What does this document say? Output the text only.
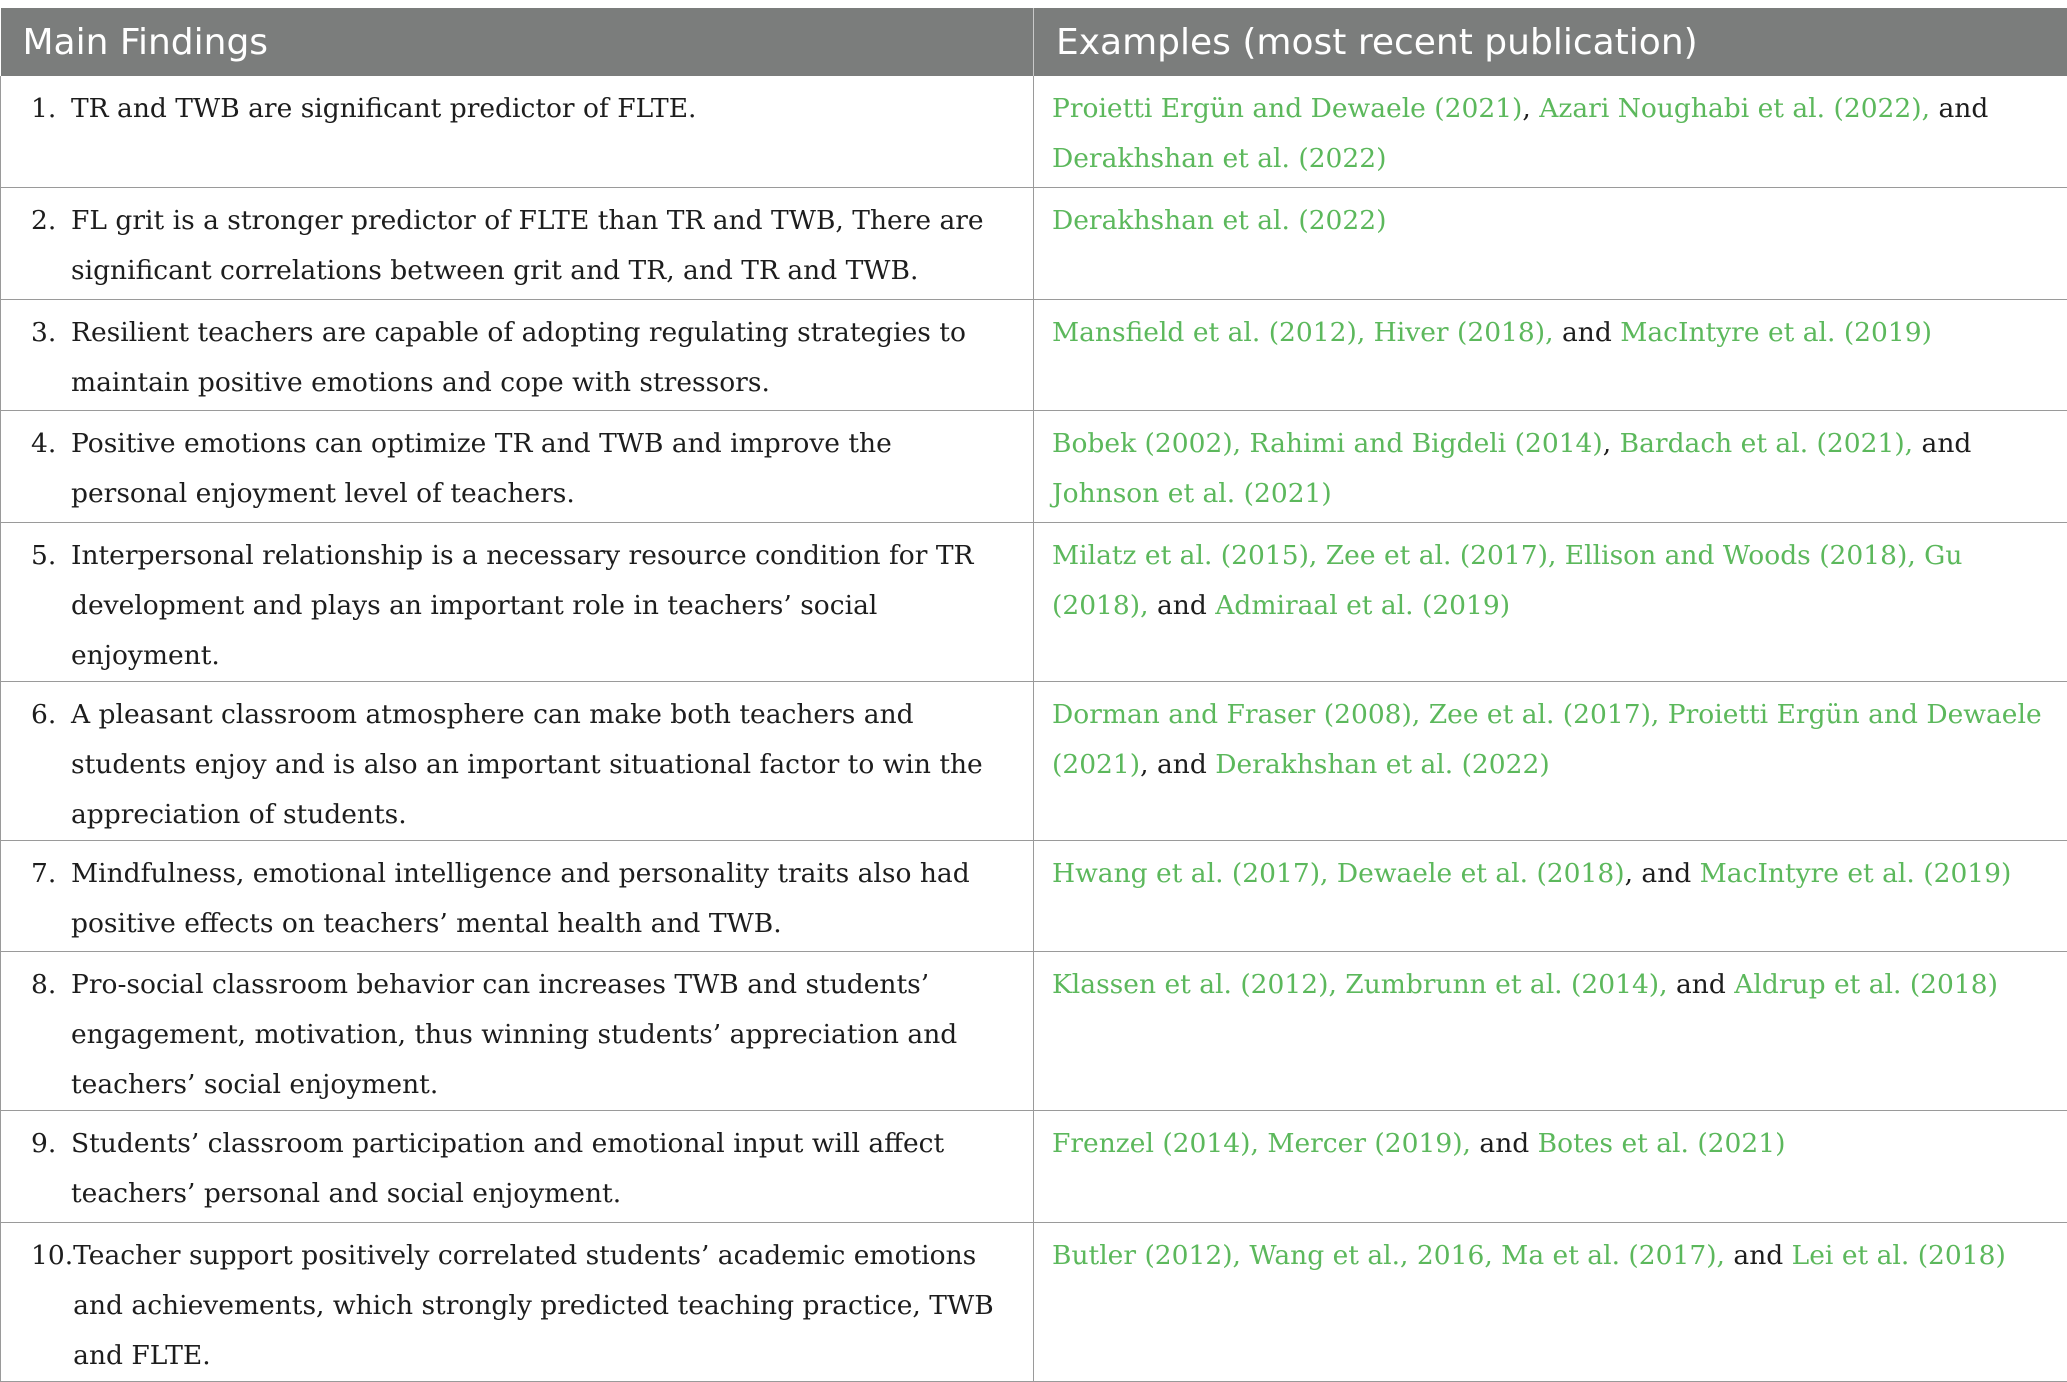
Main Findings	Examples (most recent publication)

1. TR and TWB are significant predictor of FLTE.	Proietti Ergün and Dewaele (2021), Azari Noughabi et al. (2022), and Derakhshan et al. (2022)

2. FL grit is a stronger predictor of FLTE than TR and TWB, There are significant correlations between grit and TR, and TR and TWB.	Derakhshan et al. (2022)

3. Resilient teachers are capable of adopting regulating strategies to maintain positive emotions and cope with stressors.	Mansfield et al. (2012), Hiver (2018), and MacIntyre et al. (2019)

4. Positive emotions can optimize TR and TWB and improve the personal enjoyment level of teachers.	Bobek (2002), Rahimi and Bigdeli (2014), Bardach et al. (2021), and Johnson et al. (2021)

5. Interpersonal relationship is a necessary resource condition for TR development and plays an important role in teachers’ social enjoyment.	Milatz et al. (2015), Zee et al. (2017), Ellison and Woods (2018), Gu (2018), and Admiraal et al. (2019)

6. A pleasant classroom atmosphere can make both teachers and students enjoy and is also an important situational factor to win the appreciation of students.	Dorman and Fraser (2008), Zee et al. (2017), Proietti Ergün and Dewaele (2021), and Derakhshan et al. (2022)

7. Mindfulness, emotional intelligence and personality traits also had positive effects on teachers’ mental health and TWB.	Hwang et al. (2017), Dewaele et al. (2018), and MacIntyre et al. (2019)

8. Pro-social classroom behavior can increases TWB and students’ engagement, motivation, thus winning students’ appreciation and teachers’ social enjoyment.	Klassen et al. (2012), Zumbrunn et al. (2014), and Aldrup et al. (2018)

9. Students’ classroom participation and emotional input will affect teachers’ personal and social enjoyment.	Frenzel (2014), Mercer (2019), and Botes et al. (2021)

10. Teacher support positively correlated students’ academic emotions and achievements, which strongly predicted teaching practice, TWB and FLTE.	Butler (2012), Wang et al., 2016, Ma et al. (2017), and Lei et al. (2018)
